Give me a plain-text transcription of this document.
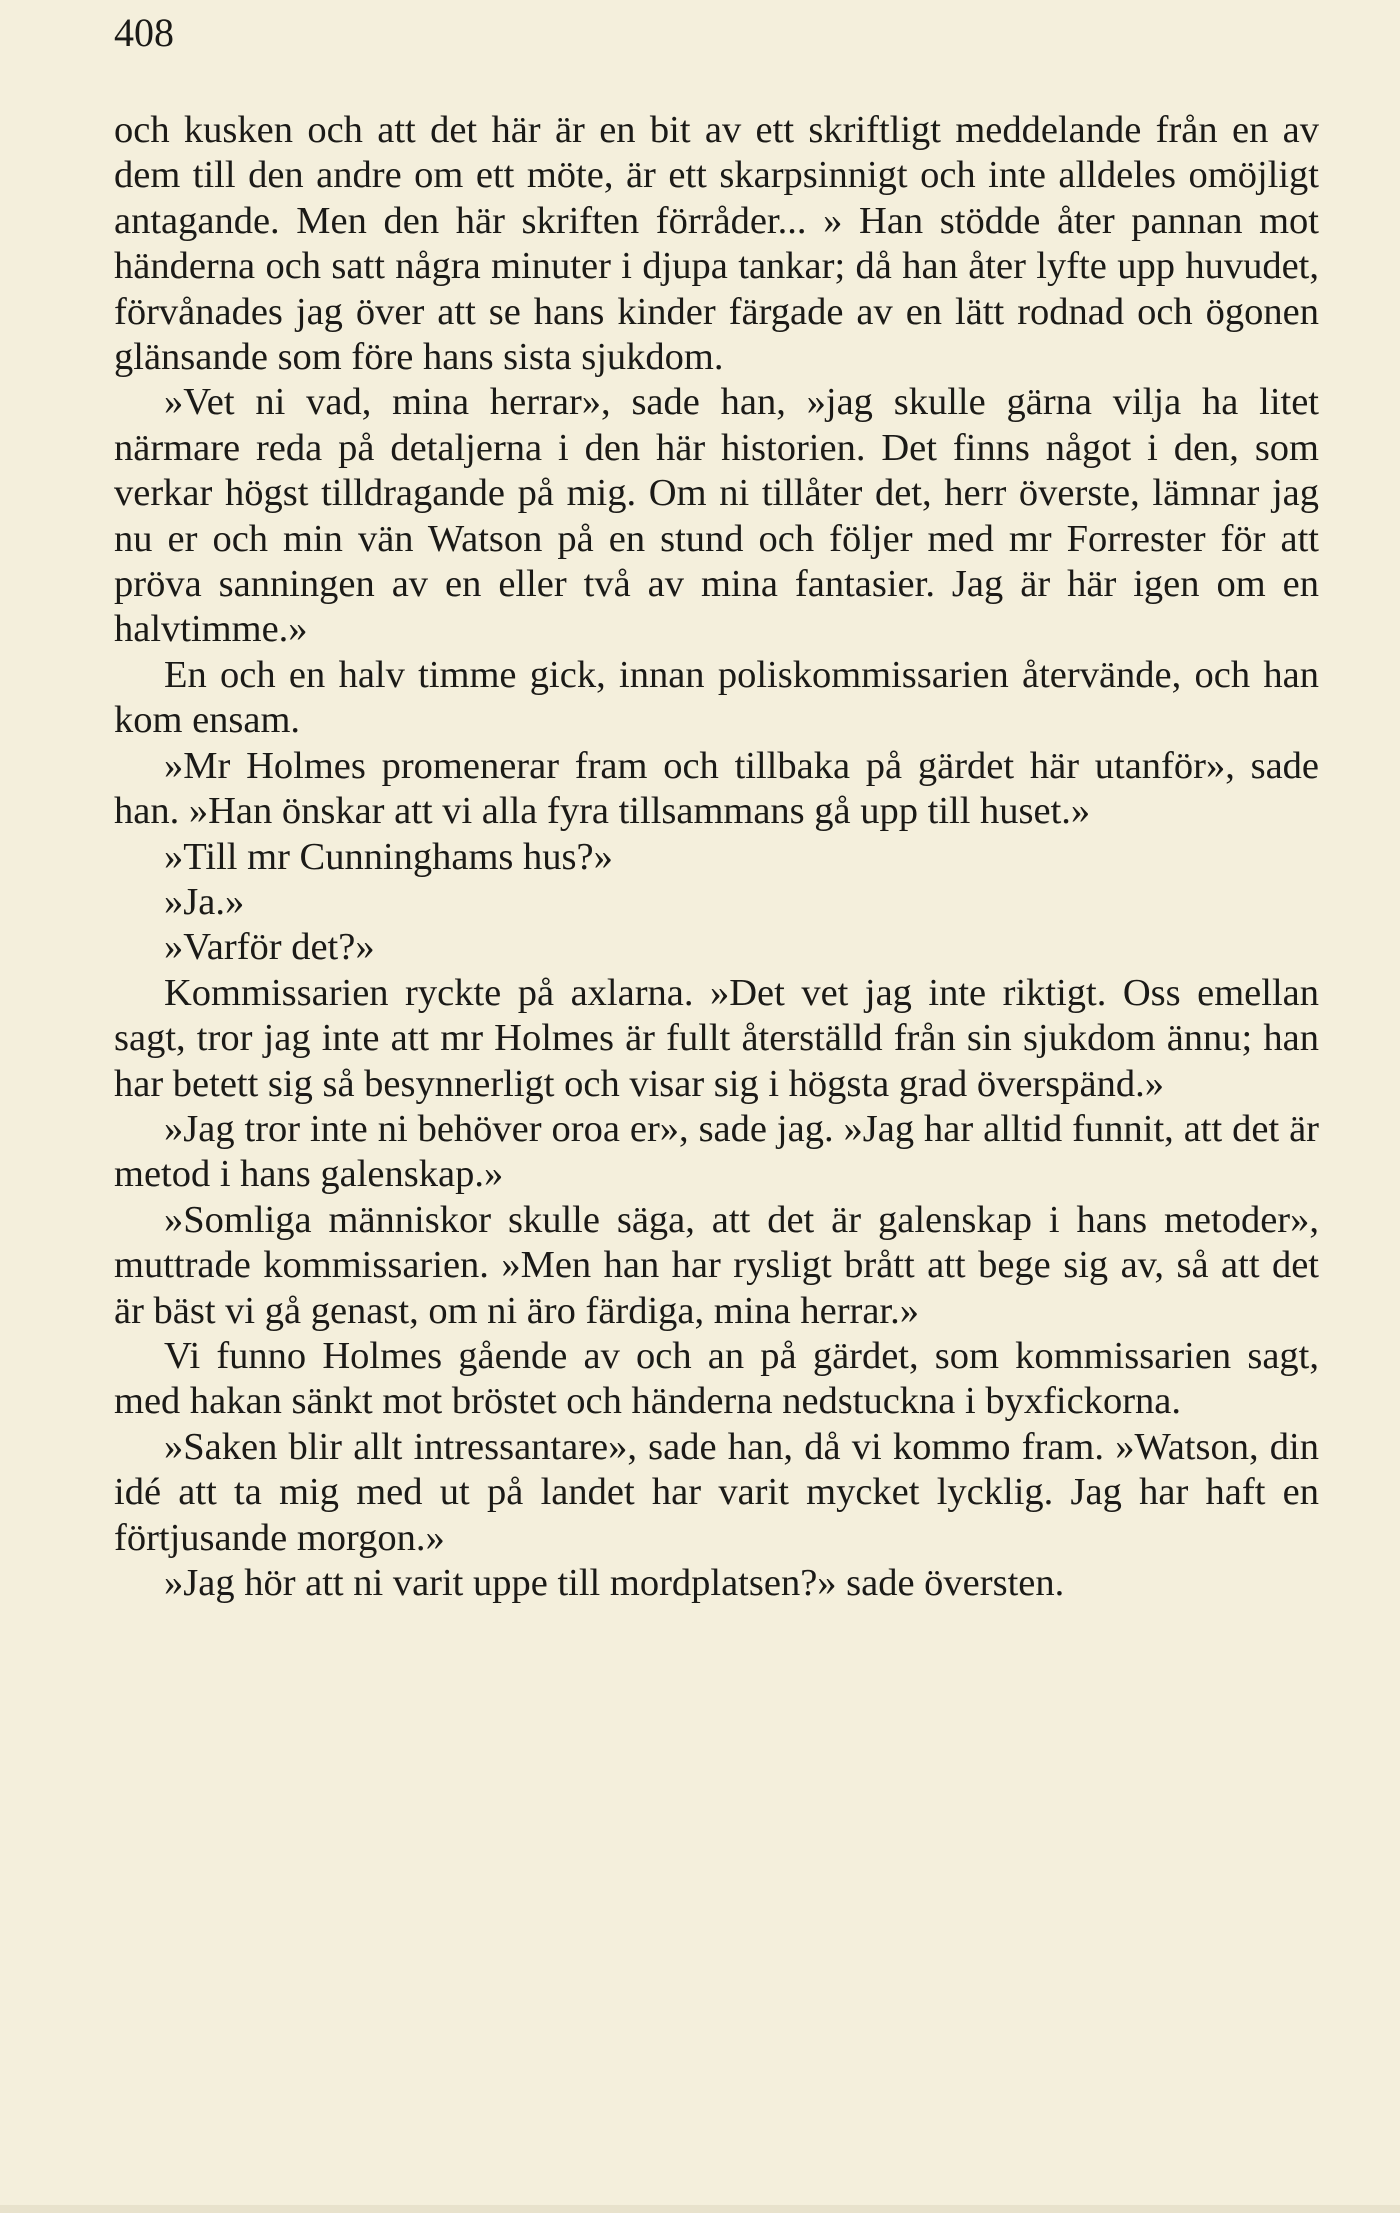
408

och kusken och att det här är en bit av ett skriftligt meddelande från en av dem till den andre om ett möte, är ett skarpsinnigt och inte alldeles omöjligt antagande. Men den här skriften förråder... » Han stödde åter pannan mot händerna och satt några minuter i djupa tankar; då han åter lyfte upp huvudet, förvånades jag över att se hans kinder färgade av en lätt rodnad och ögonen glänsande som före hans sista sjukdom.

»Vet ni vad, mina herrar», sade han, »jag skulle gärna vilja ha litet närmare reda på detaljerna i den här historien. Det finns något i den, som verkar högst tilldragande på mig. Om ni tillåter det, herr överste, lämnar jag nu er och min vän Watson på en stund och följer med mr Forrester för att pröva sanningen av en eller två av mina fantasier. Jag är här igen om en halvtimme.»

En och en halv timme gick, innan poliskommissarien återvände, och han kom ensam.

»Mr Holmes promenerar fram och tillbaka på gärdet här utanför», sade han. »Han önskar att vi alla fyra tillsammans gå upp till huset.»

»Till mr Cunninghams hus?»

»Ja.»

»Varför det?»

Kommissarien ryckte på axlarna. »Det vet jag inte riktigt. Oss emellan sagt, tror jag inte att mr Holmes är fullt återställd från sin sjukdom ännu; han har betett sig så besynnerligt och visar sig i högsta grad överspänd.»

»Jag tror inte ni behöver oroa er», sade jag. »Jag har alltid funnit, att det är metod i hans galenskap.»

»Somliga människor skulle säga, att det är galenskap i hans metoder», muttrade kommissarien. »Men han har rysligt brått att bege sig av, så att det är bäst vi gå genast, om ni äro färdiga, mina herrar.»

Vi funno Holmes gående av och an på gärdet, som kommissarien sagt, med hakan sänkt mot bröstet och händerna nedstuckna i byxfickorna.

»Saken blir allt intressantare», sade han, då vi kommo fram. »Watson, din idé att ta mig med ut på landet har varit mycket lycklig. Jag har haft en förtjusande morgon.»

»Jag hör att ni varit uppe till mordplatsen?» sade översten.
